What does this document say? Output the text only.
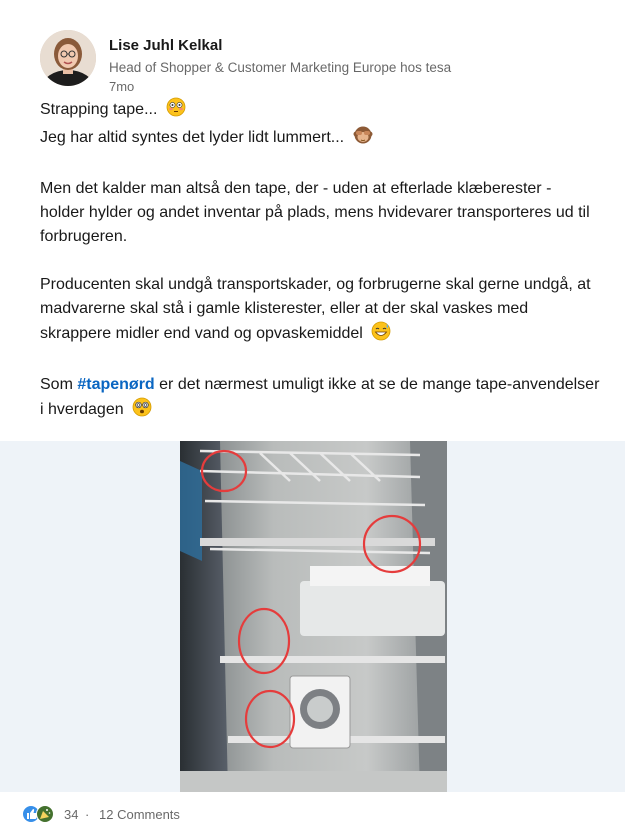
Lise Juhl Kelkal
Head of Shopper & Customer Marketing Europe hos tesa
7mo

Strapping tape...

Jeg har altid syntes det lyder lidt lummert...

Men det kalder man altså den tape, der - uden at efterlade klæberester - holder hylder og andet inventar på plads, mens hvidevarer transporteres ud til forbrugeren.

Producenten skal undgå transportskader, og forbrugerne skal gerne undgå, at madvarerne skal stå i gamle klisterester, eller at der skal vaskes med skrappere midler end vand og opvaskemiddel

Som #tapenørd er det nærmest umuligt ikke at se de mange tape-anvendelser i hverdagen

34 · 12 Comments
